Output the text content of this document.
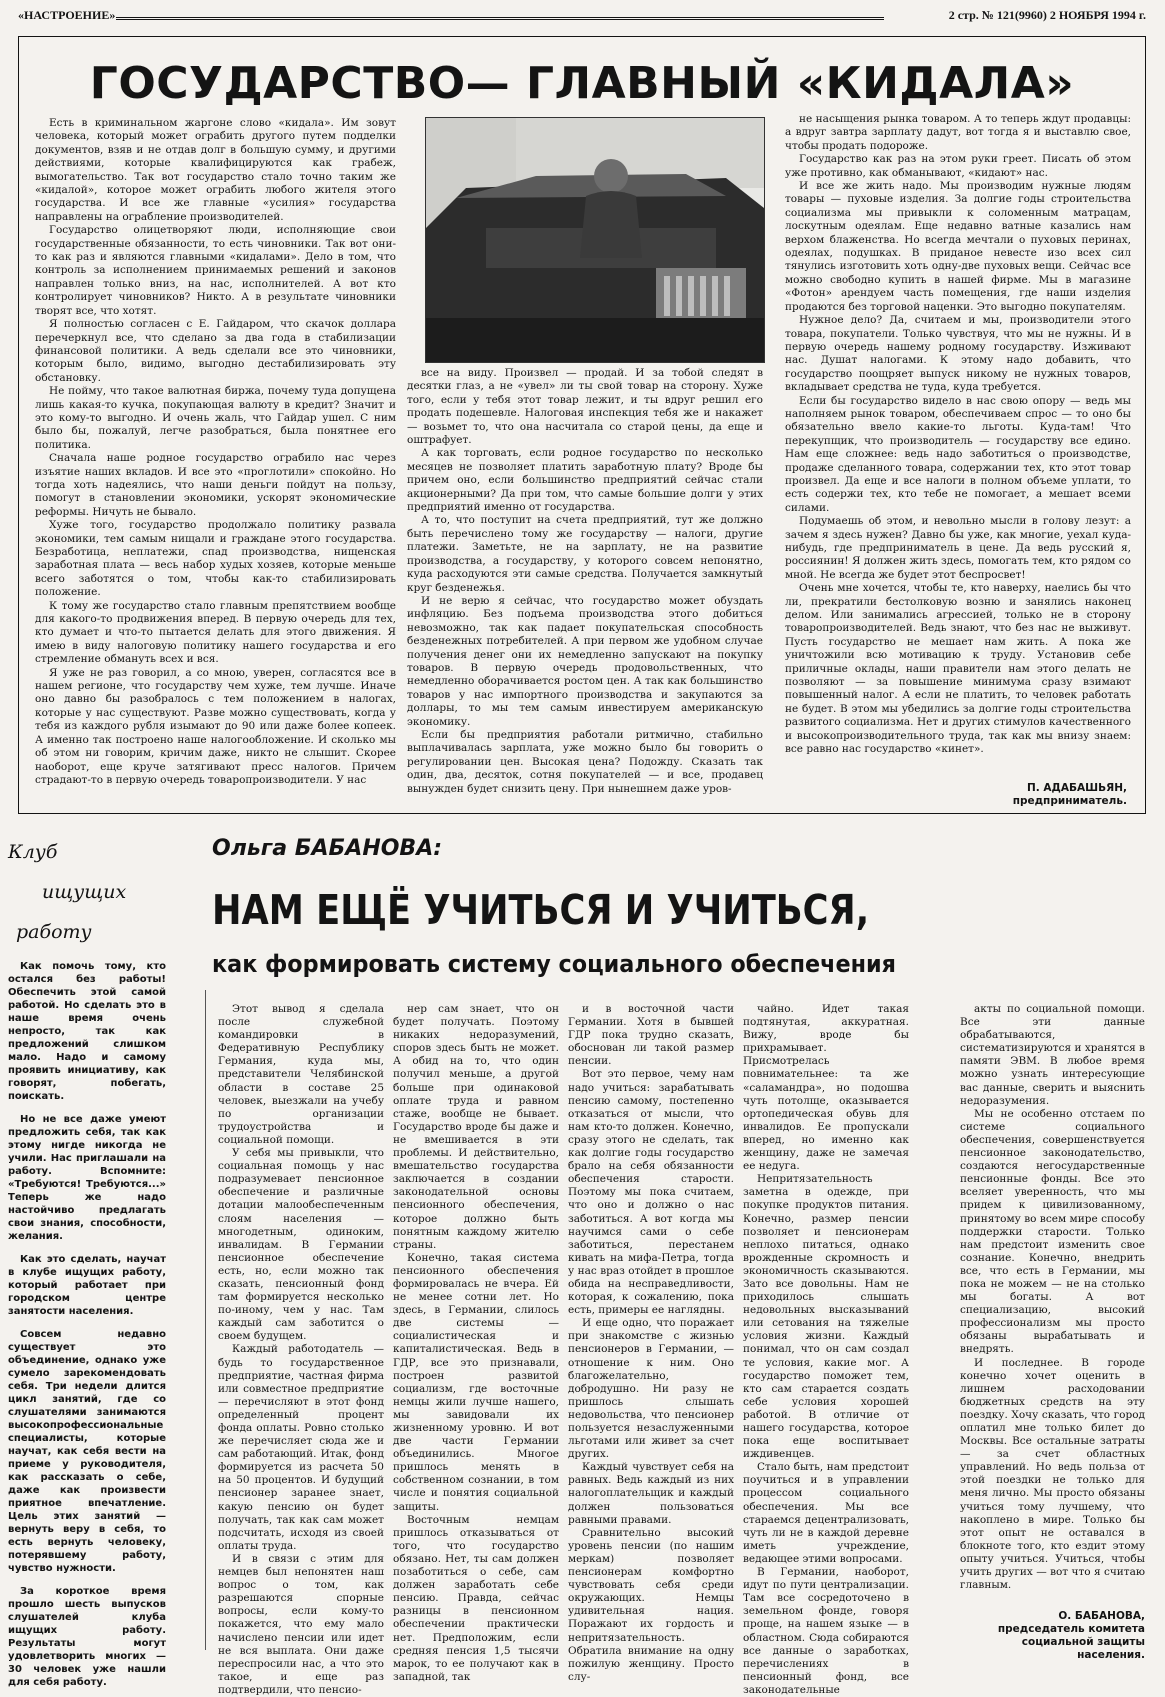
«НАСТРОЕНИЕ»	2 стр. № 121(9960) 2 НОЯБРЯ 1994 г.
ГОСУДАРСТВО— ГЛАВНЫЙ «КИДАЛА»

Есть в криминальном жаргоне слово «кидала». Им зовут человека, который может ограбить другого путем подделки документов, взяв и не отдав долг в большую сумму, и другими действиями, которые квалифицируются как грабеж, вымогательство. Так вот государство стало точно таким же «кидалой», которое может ограбить любого жителя этого государства. И все же главные «усилия» государства направлены на ограбление производителей.

Государство олицетворяют люди, исполняющие свои государственные обязанности, то есть чиновники. Так вот они-то как раз и являются главными «кидалами». Дело в том, что контроль за исполнением принимаемых решений и законов направлен только вниз, на нас, исполнителей. А вот кто контролирует чиновников? Никто. А в результате чиновники творят все, что хотят.

Я полностью согласен с Е. Гайдаром, что скачок доллара перечеркнул все, что сделано за два года в стабилизации финансовой политики. А ведь сделали все это чиновники, которым было, видимо, выгодно дестабилизировать эту обстановку.

Не пойму, что такое валютная биржа, почему туда допущена лишь какая-то кучка, покупающая валюту в кредит? Значит и это кому-то выгодно. И очень жаль, что Гайдар ушел. С ним было бы, пожалуй, легче разобраться, была понятнее его политика.

Сначала наше родное государство ограбило нас через изъятие наших вкладов. И все это «проглотили» спокойно. Но тогда хоть надеялись, что наши деньги пойдут на пользу, помогут в становлении экономики, ускорят экономические реформы. Ничуть не бывало.

Хуже того, государство продолжало политику развала экономики, тем самым нищали и граждане этого государства. Безработица, неплатежи, спад производства, нищенская заработная плата — весь набор худых хозяев, которые меньше всего заботятся о том, чтобы как-то стабилизировать положение.

К тому же государство стало главным препятствием вообще для какого-то продвижения вперед. В первую очередь для тех, кто думает и что-то пытается делать для этого движения. Я имею в виду налоговую политику нашего государства и его стремление обмануть всех и вся.

Я уже не раз говорил, а со мною, уверен, согласятся все в нашем регионе, что государству чем хуже, тем лучше. Иначе оно давно бы разобралось с тем положением в налогах, которые у нас существуют. Разве можно существовать, когда у тебя из каждого рубля изымают до 90 или даже более копеек. А именно так построено наше налогообложение. И сколько мы об этом ни говорим, кричим даже, никто не слышит. Скорее наоборот, еще круче затягивают пресс налогов. Причем страдают-то в первую очередь товаропроизводители. У нас

все на виду. Произвел — продай. И за тобой следят в десятки глаз, а не «увел» ли ты свой товар на сторону. Хуже того, если у тебя этот товар лежит, и ты вдруг решил его продать подешевле. Налоговая инспекция тебя же и накажет — возьмет то, что она насчитала со старой цены, да еще и оштрафует.

А как торговать, если родное государство по несколько месяцев не позволяет платить заработную плату? Вроде бы причем оно, если большинство предприятий сейчас стали акционерными? Да при том, что самые большие долги у этих предприятий именно от государства.

А то, что поступит на счета предприятий, тут же должно быть перечислено тому же государству — налоги, другие платежи. Заметьте, не на зарплату, не на развитие производства, а государству, у которого совсем непонятно, куда расходуются эти самые средства. Получается замкнутый круг безденежья.

И не верю я сейчас, что государство может обуздать инфляцию. Без подъема производства этого добиться невозможно, так как падает покупательская способность безденежных потребителей. А при первом же удобном случае получения денег они их немедленно запускают на покупку товаров. В первую очередь продовольственных, что немедленно оборачивается ростом цен. А так как большинство товаров у нас импортного производства и закупаются за доллары, то мы тем самым инвестируем американскую экономику.

Если бы предприятия работали ритмично, стабильно выплачивалась зарплата, уже можно было бы говорить о регулировании цен. Высокая цена? Подожду. Сказать так один, два, десяток, сотня покупателей — и все, продавец вынужден будет снизить цену. При нынешнем даже уров-

не насыщения рынка товаром. А то теперь ждут продавцы: а вдруг завтра зарплату дадут, вот тогда я и выставлю свое, чтобы продать подороже.

Государство как раз на этом руки греет. Писать об этом уже противно, как обманывают, «кидают» нас.

И все же жить надо. Мы производим нужные людям товары — пуховые изделия. За долгие годы строительства социализма мы привыкли к соломенным матрацам, лоскутным одеялам. Еще недавно ватные казались нам верхом блаженства. Но всегда мечтали о пуховых перинах, одеялах, подушках. В приданое невесте изо всех сил тянулись изготовить хоть одну-две пуховых вещи. Сейчас все можно свободно купить в нашей фирме. Мы в магазине «Фотон» арендуем часть помещения, где наши изделия продаются без торговой наценки. Это выгодно покупателям.

Нужное дело? Да, считаем и мы, производители этого товара, покупатели. Только чувствуя, что мы не нужны. И в первую очередь нашему родному государству. Изживают нас. Душат налогами. К этому надо добавить, что государство поощряет выпуск никому не нужных товаров, вкладывает средства не туда, куда требуется.

Если бы государство видело в нас свою опору — ведь мы наполняем рынок товаром, обеспечиваем спрос — то оно бы обязательно ввело какие-то льготы. Куда-там! Что перекупщик, что производитель — государству все едино. Нам еще сложнее: ведь надо заботиться о производстве, продаже сделанного товара, содержании тех, кто этот товар произвел. Да еще и все налоги в полном объеме уплати, то есть содержи тех, кто тебе не помогает, а мешает всеми силами.

Подумаешь об этом, и невольно мысли в голову лезут: а зачем я здесь нужен? Давно бы уже, как многие, уехал куда-нибудь, где предприниматель в цене. Да ведь русский я, россиянин! Я должен жить здесь, помогать тем, кто рядом со мной. Не всегда же будет этот беспросвет!

Очень мне хочется, чтобы те, кто наверху, наелись бы что ли, прекратили бестолковую возню и занялись наконец делом. Или занимались агрессией, только не в сторону товаропроизводителей. Ведь знают, что без нас не выживут. Пусть государство не мешает нам жить. А пока же уничтожили всю мотивацию к труду. Установив себе приличные оклады, наши правители нам этого делать не позволяют — за повышение минимума сразу взимают повышенный налог. А если не платить, то человек работать не будет. В этом мы убедились за долгие годы строительства развитого социализма. Нет и других стимулов качественного и высокопроизводительного труда, так как мы внизу знаем: все равно нас государство «кинет».

П. АДАБАШЬЯН,
предприниматель.
Клуб
ищущих
работу

Как помочь тому, кто остался без работы! Обеспечить этой самой работой. Но сделать это в наше время очень непросто, так как предложений слишком мало. Надо и самому проявить инициативу, как говорят, побегать, поискать.

Но не все даже умеют предложить себя, так как этому нигде никогда не учили. Нас приглашали на работу. Вспомните: «Требуются! Требуются...» Теперь же надо настойчиво предлагать свои знания, способности, желания.

Как это сделать, научат в клубе ищущих работу, который работает при городском центре занятости населения.

Совсем недавно существует это объединение, однако уже сумело зарекомендовать себя. Три недели длится цикл занятий, где со слушателями занимаются высокопрофессиональные специалисты, которые научат, как себя вести на приеме у руководителя, как рассказать о себе, даже как произвести приятное впечатление. Цель этих занятий — вернуть веру в себя, то есть вернуть человеку, потерявшему работу, чувство нужности.

За короткое время прошло шесть выпусков слушателей клуба ищущих работу. Результаты могут удовлетворить многих — 30 человек уже нашли для себя работу.

Ольга БАБАНОВА:
НАМ ЕЩЁ УЧИТЬСЯ И УЧИТЬСЯ,
как формировать систему социального обеспечения

Этот вывод я сделала после служебной командировки в Федеративную Республику Германия, куда мы, представители Челябинской области в составе 25 человек, выезжали на учебу по организации трудоустройства и социальной помощи.

У себя мы привыкли, что социальная помощь у нас подразумевает пенсионное обеспечение и различные дотации малообеспеченным слоям населения — многодетным, одиноким, инвалидам. В Германии пенсионное обеспечение есть, но, если можно так сказать, пенсионный фонд там формируется несколько по-иному, чем у нас. Там каждый сам заботится о своем будущем.

Каждый работодатель — будь то государственное предприятие, частная фирма или совместное предприятие — перечисляют в этот фонд определенный процент фонда оплаты. Ровно столько же перечисляет сюда же и сам работающий. Итак, фонд формируется из расчета 50 на 50 процентов. И будущий пенсионер заранее знает, какую пенсию он будет получать, так как сам может подсчитать, исходя из своей оплаты труда.

И в связи с этим для немцев был непонятен наш вопрос о том, как разрешаются спорные вопросы, если кому-то покажется, что ему мало начислено пенсии или идет не вся выплата. Они даже переспросили нас, а что это такое, и еще раз подтвердили, что пенсио-

нер сам знает, что он будет получать. Поэтому никаких недоразумений, споров здесь быть не может. А обид на то, что один получил меньше, а другой больше при одинаковой оплате труда и равном стаже, вообще не бывает. Государство вроде бы даже и не вмешивается в эти проблемы. И действительно, вмешательство государства заключается в создании законодательной основы пенсионного обеспечения, которое должно быть понятным каждому жителю страны.

Конечно, такая система пенсионного обеспечения формировалась не вчера. Ей не менее сотни лет. Но здесь, в Германии, слилось две системы — социалистическая и капиталистическая. Ведь в ГДР, все это признавали, построен развитой социализм, где восточные немцы жили лучше нашего, мы завидовали их жизненному уровню. И вот две части Германии объединились. Многое пришлось менять в собственном сознании, в том числе и понятия социальной защиты.

Восточным немцам пришлось отказываться от того, что государство обязано. Нет, ты сам должен позаботиться о себе, сам должен заработать себе пенсию. Правда, сейчас разницы в пенсионном обеспечении практически нет. Предположим, если средняя пенсия 1,5 тысячи марок, то ее получают как в западной, так

и в восточной части Германии. Хотя в бывшей ГДР пока трудно сказать, обоснован ли такой размер пенсии.

Вот это первое, чему нам надо учиться: зарабатывать пенсию самому, постепенно отказаться от мысли, что нам кто-то должен. Конечно, сразу этого не сделать, так как долгие годы государство брало на себя обязанности обеспечения старости. Поэтому мы пока считаем, что оно и должно о нас заботиться. А вот когда мы научимся сами о себе заботиться, перестанем кивать на мифа-Петра, тогда у нас враз отойдет в прошлое обида на несправедливости, которая, к сожалению, пока есть, примеры ее наглядны.

И еще одно, что поражает при знакомстве с жизнью пенсионеров в Германии, — отношение к ним. Оно благожелательно, добродушно. Ни разу не пришлось слышать недовольства, что пенсионер пользуется незаслуженными льготами или живет за счет других.

Каждый чувствует себя на равных. Ведь каждый из них налогоплательщик и каждый должен пользоваться равными правами.

Сравнительно высокий уровень пенсии (по нашим меркам) позволяет пенсионерам комфортно чувствовать себя среди окружающих. Немцы удивительная нация. Поражают их гордость и непритязательность. Обратила внимание на одну пожилую женщину. Просто слу-

чайно. Идет такая подтянутая, аккуратная. Вижу, вроде бы прихрамывает. Присмотрелась повнимательнее: та же «саламандра», но подошва чуть потолще, оказывается ортопедическая обувь для инвалидов. Ее пропускали вперед, но именно как женщину, даже не замечая ее недуга.

Непритязательность заметна в одежде, при покупке продуктов питания. Конечно, размер пенсии позволяет и пенсионерам неплохо питаться, однако врожденные скромность и экономичность сказываются. Зато все довольны. Нам не приходилось слышать недовольных высказываний или сетования на тяжелые условия жизни. Каждый понимал, что он сам создал те условия, какие мог. А государство поможет тем, кто сам старается создать себе условия хорошей работой. В отличие от нашего государства, которое пока еще воспитывает иждивенцев.

Стало быть, нам предстоит поучиться и в управлении процессом социального обеспечения. Мы все стараемся децентрализовать, чуть ли не в каждой деревне иметь учреждение, ведающее этими вопросами.

В Германии, наоборот, идут по пути централизации. Там все сосредоточено в земельном фонде, говоря проще, на нашем языке — в областном. Сюда собираются все данные о заработках, перечислениях в пенсионный фонд, все законодательные

акты по социальной помощи. Все эти данные обрабатываются, систематизируются и хранятся в памяти ЭВМ. В любое время можно узнать интересующие вас данные, сверить и выяснить недоразумения.

Мы не особенно отстаем по системе социального обеспечения, совершенствуется пенсионное законодательство, создаются негосударственные пенсионные фонды. Все это вселяет уверенность, что мы придем к цивилизованному, принятому во всем мире способу поддержки старости. Только нам предстоит изменить свое сознание. Конечно, внедрить все, что есть в Германии, мы пока не можем — не на столько мы богаты. А вот специализацию, высокий профессионализм мы просто обязаны вырабатывать и внедрять.

И последнее. В городе конечно хочет оценить в лишнем расходовании бюджетных средств на эту поездку. Хочу сказать, что город оплатил мне только билет до Москвы. Все остальные затраты — за счет областных управлений. Но ведь польза от этой поездки не только для меня лично. Мы просто обязаны учиться тому лучшему, что накоплено в мире. Только бы этот опыт не оставался в блокноте того, кто ездит этому опыту учиться. Учиться, чтобы учить других — вот что я считаю главным.

О. БАБАНОВА,
председатель комитета социальной защиты населения.
